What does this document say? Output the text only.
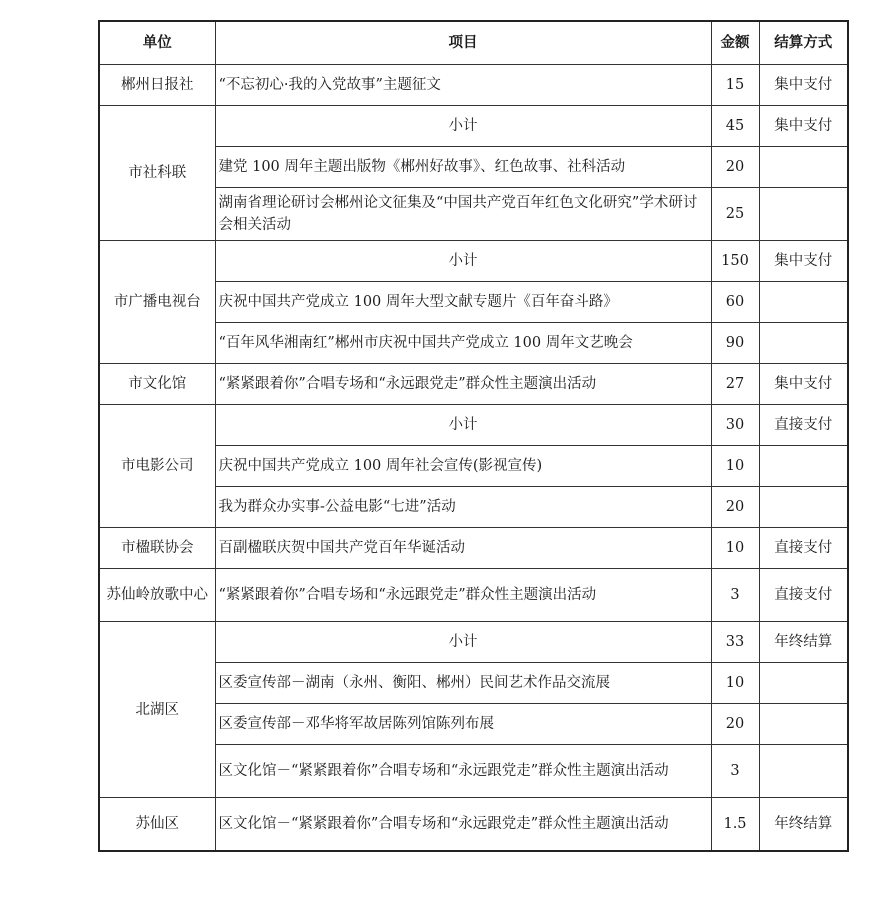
单位	项目	金额	结算方式
郴州日报社	“不忘初心·我的入党故事”主题征文	15	集中支付
市社科联	小计	45	集中支付
	建党 100 周年主题出版物《郴州好故事》、红色故事、社科活动	20	
	湖南省理论研讨会郴州论文征集及“中国共产党百年红色文化研究”学术研讨会相关活动	25	
市广播电视台	小计	150	集中支付
	庆祝中国共产党成立 100 周年大型文献专题片《百年奋斗路》	60	
	“百年风华湘南红”郴州市庆祝中国共产党成立 100 周年文艺晚会	90	
市文化馆	“紧紧跟着你”合唱专场和“永远跟党走”群众性主题演出活动	27	集中支付
市电影公司	小计	30	直接支付
	庆祝中国共产党成立 100 周年社会宣传(影视宣传)	10	
	我为群众办实事-公益电影“七进”活动	20	
市楹联协会	百副楹联庆贺中国共产党百年华诞活动	10	直接支付
苏仙岭放歌中心	“紧紧跟着你”合唱专场和“永远跟党走”群众性主题演出活动	3	直接支付
北湖区	小计	33	年终结算
	区委宣传部－湖南（永州、衡阳、郴州）民间艺术作品交流展	10	
	区委宣传部－邓华将军故居陈列馆陈列布展	20	
	区文化馆－“紧紧跟着你”合唱专场和“永远跟党走”群众性主题演出活动	3	
苏仙区	区文化馆－“紧紧跟着你”合唱专场和“永远跟党走”群众性主题演出活动	1.5	年终结算
